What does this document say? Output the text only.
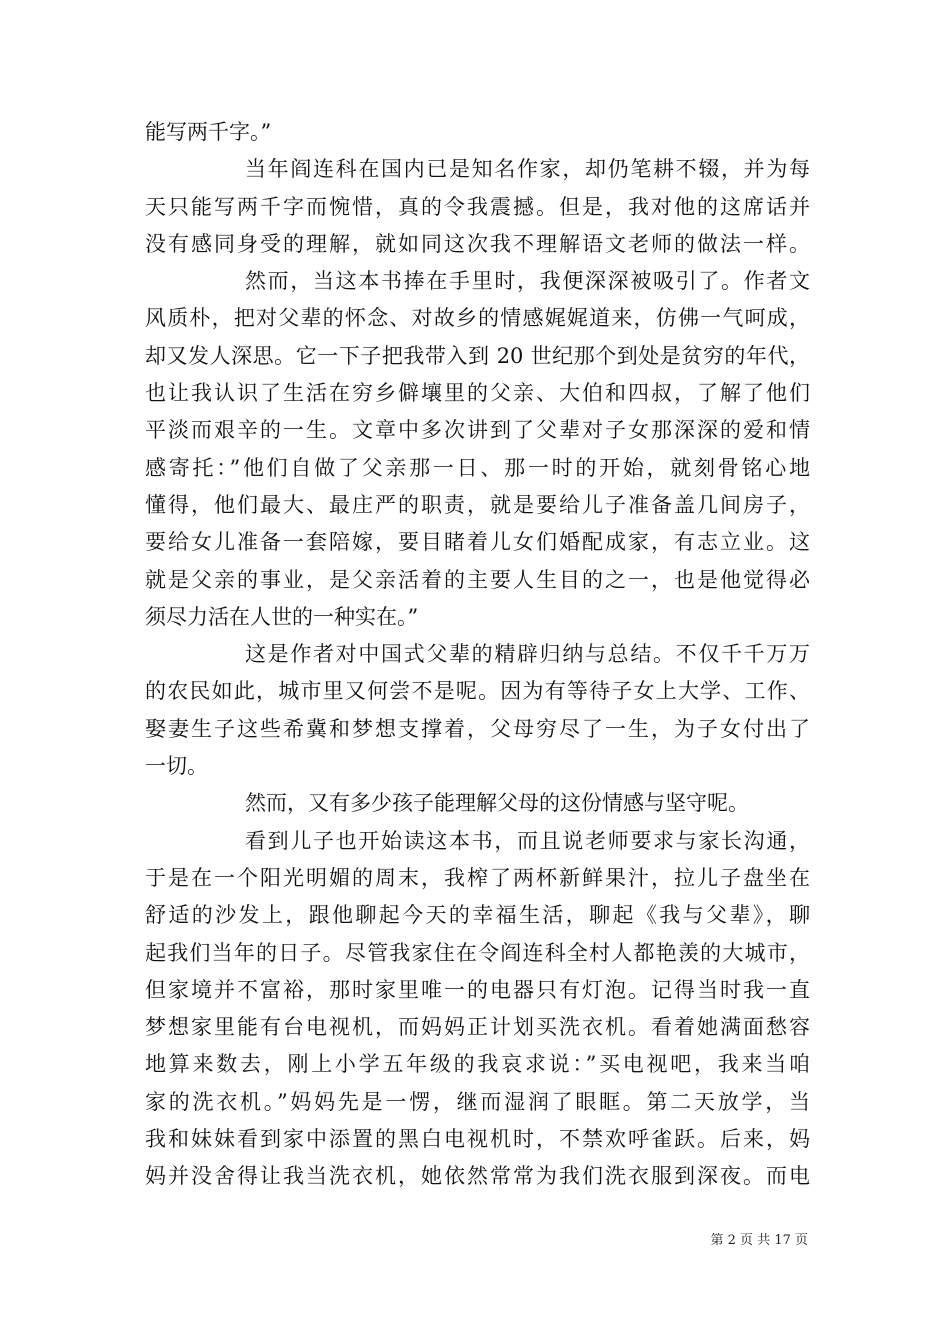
能写两千字。”
当年阎连科在国内已是知名作家，却仍笔耕不辍，并为每
天只能写两千字而惋惜，真的令我震撼。但是，我对他的这席话并
没有感同身受的理解，就如同这次我不理解语文老师的做法一样。
然而，当这本书捧在手里时，我便深深被吸引了。作者文
风质朴，把对父辈的怀念、对故乡的情感娓娓道来，仿佛一气呵成，
却又发人深思。它一下子把我带入到 20 世纪那个到处是贫穷的年代，
也让我认识了生活在穷乡僻壤里的父亲、大伯和四叔，了解了他们
平淡而艰辛的一生。文章中多次讲到了父辈对子女那深深的爱和情
感寄托：”他们自做了父亲那一日、那一时的开始，就刻骨铭心地
懂得，他们最大、最庄严的职责，就是要给儿子准备盖几间房子，
要给女儿准备一套陪嫁，要目睹着儿女们婚配成家，有志立业。这
就是父亲的事业，是父亲活着的主要人生目的之一，也是他觉得必
须尽力活在人世的一种实在。”
这是作者对中国式父辈的精辟归纳与总结。不仅千千万万
的农民如此，城市里又何尝不是呢。因为有等待子女上大学、工作、
娶妻生子这些希冀和梦想支撑着，父母穷尽了一生，为子女付出了
一切。
然而，又有多少孩子能理解父母的这份情感与坚守呢。
看到儿子也开始读这本书，而且说老师要求与家长沟通，
于是在一个阳光明媚的周末，我榨了两杯新鲜果汁，拉儿子盘坐在
舒适的沙发上，跟他聊起今天的幸福生活，聊起《我与父辈》，聊
起我们当年的日子。尽管我家住在令阎连科全村人都艳羡的大城市，
但家境并不富裕，那时家里唯一的电器只有灯泡。记得当时我一直
梦想家里能有台电视机，而妈妈正计划买洗衣机。看着她满面愁容
地算来数去，刚上小学五年级的我哀求说：”买电视吧，我来当咱
家的洗衣机。”妈妈先是一愣，继而湿润了眼眶。第二天放学，当
我和妹妹看到家中添置的黑白电视机时，不禁欢呼雀跃。后来，妈
妈并没舍得让我当洗衣机，她依然常常为我们洗衣服到深夜。而电
第 2 页 共 17 页
